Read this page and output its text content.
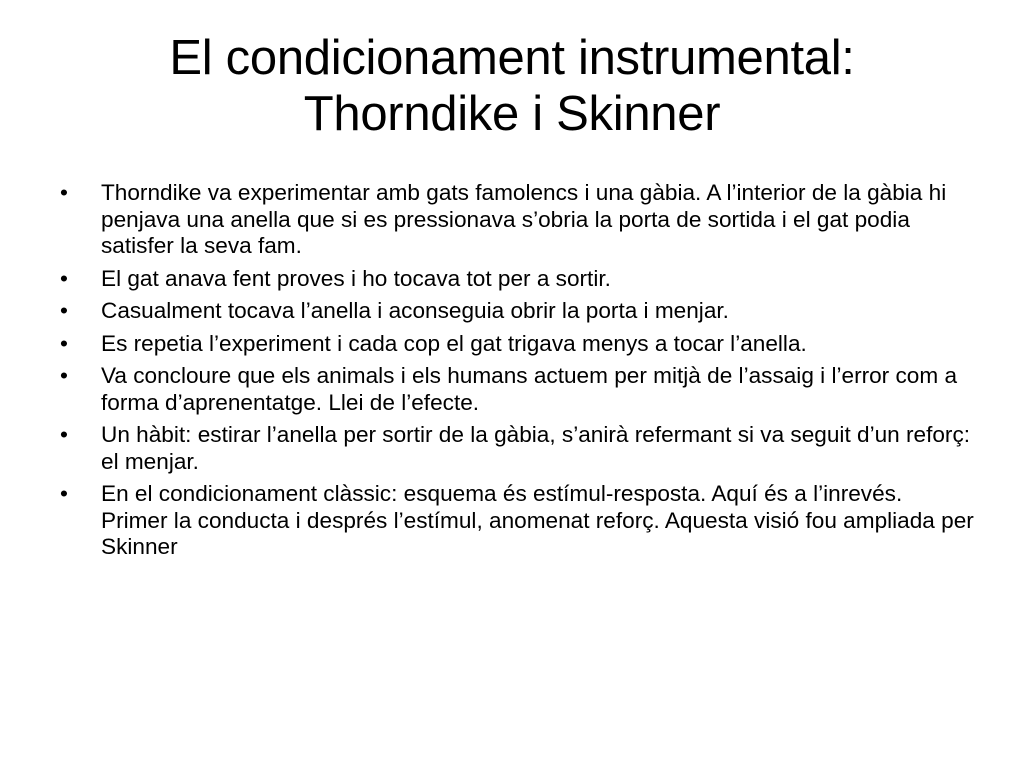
El condicionament instrumental:
Thorndike i Skinner
• Thorndike va experimentar amb gats famolencs i una gàbia. A l’interior de la gàbia hi penjava una anella que si es pressionava s’obria la porta de sortida i el gat podia satisfer la seva fam.
• El gat anava fent proves i ho tocava tot per a sortir.
• Casualment tocava l’anella i aconseguia obrir la porta i menjar.
• Es repetia l’experiment i cada cop el gat trigava menys a tocar l’anella.
• Va concloure que els animals i els humans actuem per mitjà de l’assaig i l’error com a forma d’aprenentatge. Llei de l’efecte.
• Un hàbit: estirar l’anella per sortir de la gàbia, s’anirà refermant si va seguit d’un reforç: el menjar.
• En el condicionament clàssic: esquema és estímul-resposta. Aquí és a l’inrevés. Primer la conducta i després l’estímul, anomenat reforç. Aquesta visió fou ampliada per Skinner
